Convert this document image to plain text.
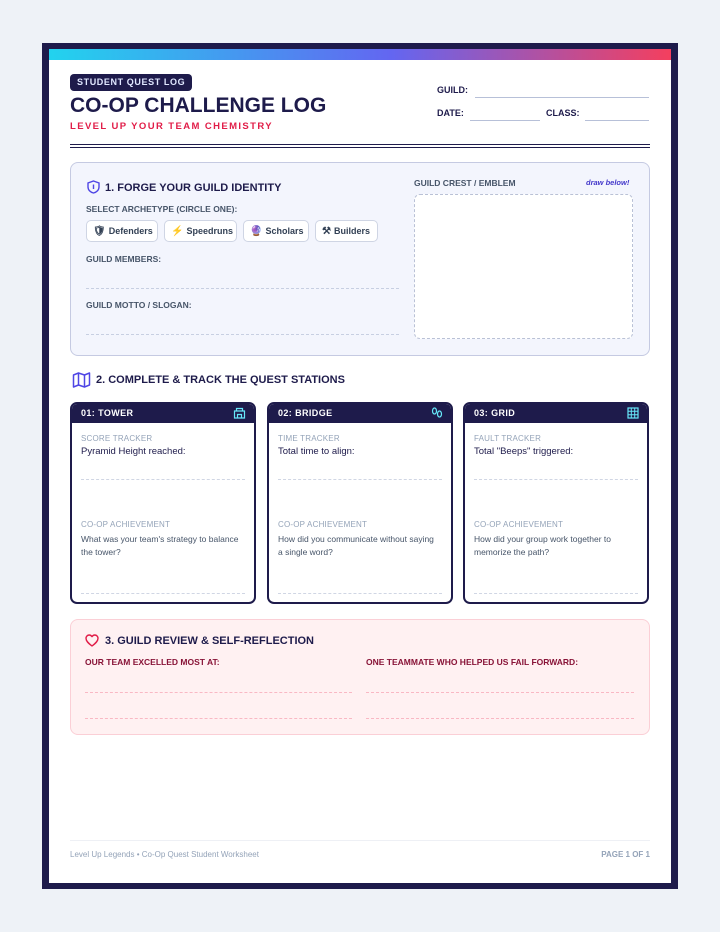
STUDENT QUEST LOG
CO-OP CHALLENGE LOG
LEVEL UP YOUR TEAM CHEMISTRY
GUILD:
DATE:	CLASS:
1. FORGE YOUR GUILD IDENTITY
SELECT ARCHETYPE (CIRCLE ONE):
🛡 Defenders	⚡ Speedruns	🔮 Scholars	⚒ Builders
GUILD MEMBERS:
GUILD MOTTO / SLOGAN:
GUILD CREST / EMBLEM	draw below!
2. COMPLETE & TRACK THE QUEST STATIONS
01: TOWER
SCORE TRACKER
Pyramid Height reached:
CO-OP ACHIEVEMENT
What was your team's strategy to balance the tower?
02: BRIDGE
TIME TRACKER
Total time to align:
CO-OP ACHIEVEMENT
How did you communicate without saying a single word?
03: GRID
FAULT TRACKER
Total "Beeps" triggered:
CO-OP ACHIEVEMENT
How did your group work together to memorize the path?
3. GUILD REVIEW & SELF-REFLECTION
OUR TEAM EXCELLED MOST AT:	ONE TEAMMATE WHO HELPED US FAIL FORWARD:
Level Up Legends • Co-Op Quest Student Worksheet	PAGE 1 OF 1
